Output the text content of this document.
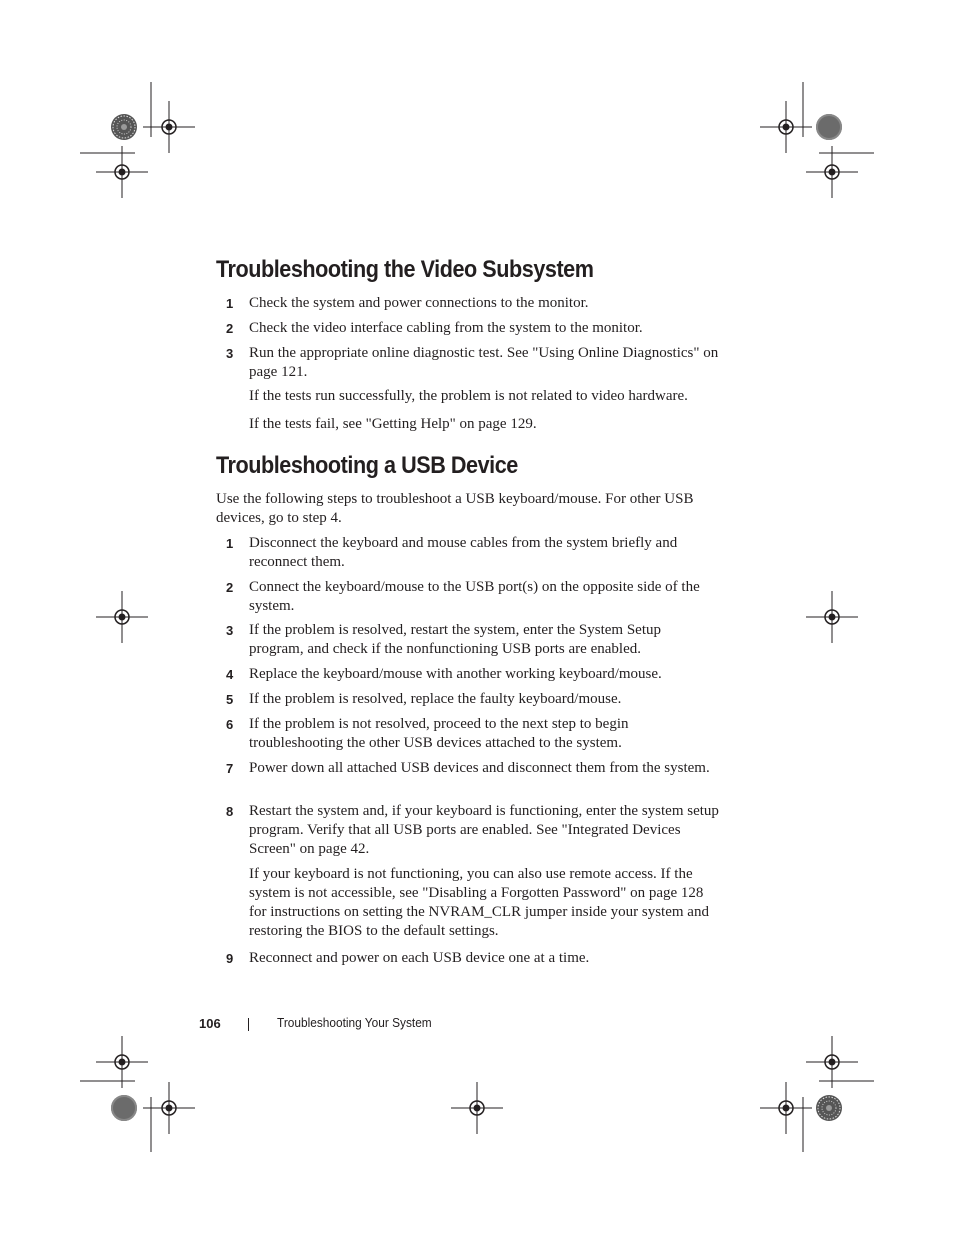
Troubleshooting the Video Subsystem
1 Check the system and power connections to the monitor.
2 Check the video interface cabling from the system to the monitor.
3 Run the appropriate online diagnostic test. See "Using Online Diagnostics" on page 121.
If the tests run successfully, the problem is not related to video hardware.
If the tests fail, see "Getting Help" on page 129.
Troubleshooting a USB Device
Use the following steps to troubleshoot a USB keyboard/mouse. For other USB devices, go to step 4.
1 Disconnect the keyboard and mouse cables from the system briefly and reconnect them.
2 Connect the keyboard/mouse to the USB port(s) on the opposite side of the system.
3 If the problem is resolved, restart the system, enter the System Setup program, and check if the nonfunctioning USB ports are enabled.
4 Replace the keyboard/mouse with another working keyboard/mouse.
5 If the problem is resolved, replace the faulty keyboard/mouse.
6 If the problem is not resolved, proceed to the next step to begin troubleshooting the other USB devices attached to the system.
7 Power down all attached USB devices and disconnect them from the system.
8 Restart the system and, if your keyboard is functioning, enter the system setup program. Verify that all USB ports are enabled. See "Integrated Devices Screen" on page 42.
If your keyboard is not functioning, you can also use remote access. If the system is not accessible, see "Disabling a Forgotten Password" on page 128 for instructions on setting the NVRAM_CLR jumper inside your system and restoring the BIOS to the default settings.
9 Reconnect and power on each USB device one at a time.
106	Troubleshooting Your System
